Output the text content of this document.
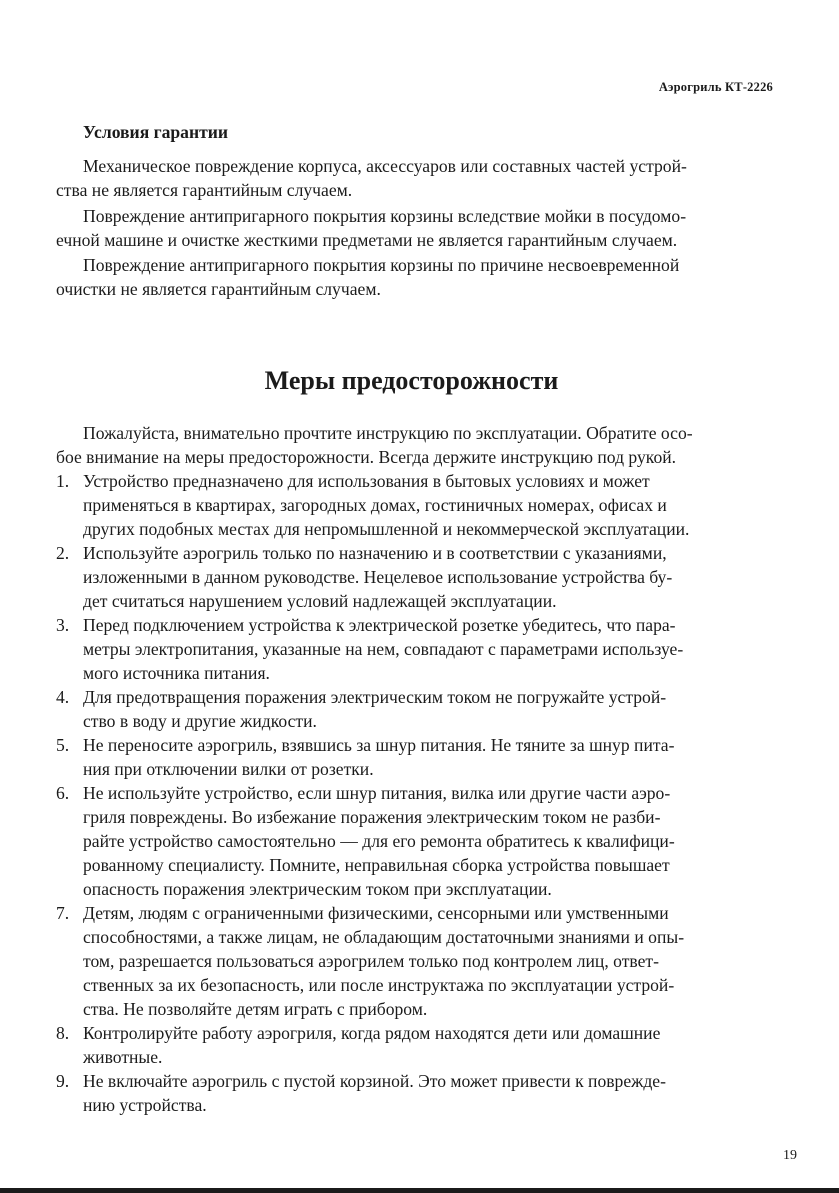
Аэрогриль КТ-2226
Условия гарантии

Механическое повреждение корпуса, аксессуаров или составных частей устрой-

ства не является гарантийным случаем.

Повреждение антипригарного покрытия корзины вследствие мойки в посудомо-

ечной машине и очистке жесткими предметами не является гарантийным случаем.

Повреждение антипригарного покрытия корзины по причине несвоевременной

очистки не является гарантийным случаем.

Меры предосторожности

Пожалуйста, внимательно прочтите инструкцию по эксплуатации. Обратите осо-

бое внимание на меры предосторожности. Всегда держите инструкцию под рукой.

1. Устройство предназначено для использования в бытовых условиях и может
применяться в квартирах, загородных домах, гостиничных номерах, офисах и
других подобных местах для непромышленной и некоммерческой эксплуатации.
2. Используйте аэрогриль только по назначению и в соответствии с указаниями,
изложенными в данном руководстве. Нецелевое использование устройства бу-
дет считаться нарушением условий надлежащей эксплуатации.
3. Перед подключением устройства к электрической розетке убедитесь, что пара-
метры электропитания, указанные на нем, совпадают с параметрами используе-
мого источника питания.
4. Для предотвращения поражения электрическим током не погружайте устрой-
ство в воду и другие жидкости.
5. Не переносите аэрогриль, взявшись за шнур питания. Не тяните за шнур пита-
ния при отключении вилки от розетки.
6. Не используйте устройство, если шнур питания, вилка или другие части аэро-
гриля повреждены. Во избежание поражения электрическим током не разби-
райте устройство самостоятельно — для его ремонта обратитесь к квалифици-
рованному специалисту. Помните, неправильная сборка устройства повышает
опасность поражения электрическим током при эксплуатации.
7. Детям, людям с ограниченными физическими, сенсорными или умственными
способностями, а также лицам, не обладающим достаточными знаниями и опы-
том, разрешается пользоваться аэрогрилем только под контролем лиц, ответ-
ственных за их безопасность, или после инструктажа по эксплуатации устрой-
ства. Не позволяйте детям играть с прибором.
8. Контролируйте работу аэрогриля, когда рядом находятся дети или домашние
животные.
9. Не включайте аэрогриль с пустой корзиной. Это может привести к поврежде-
нию устройства.
19
